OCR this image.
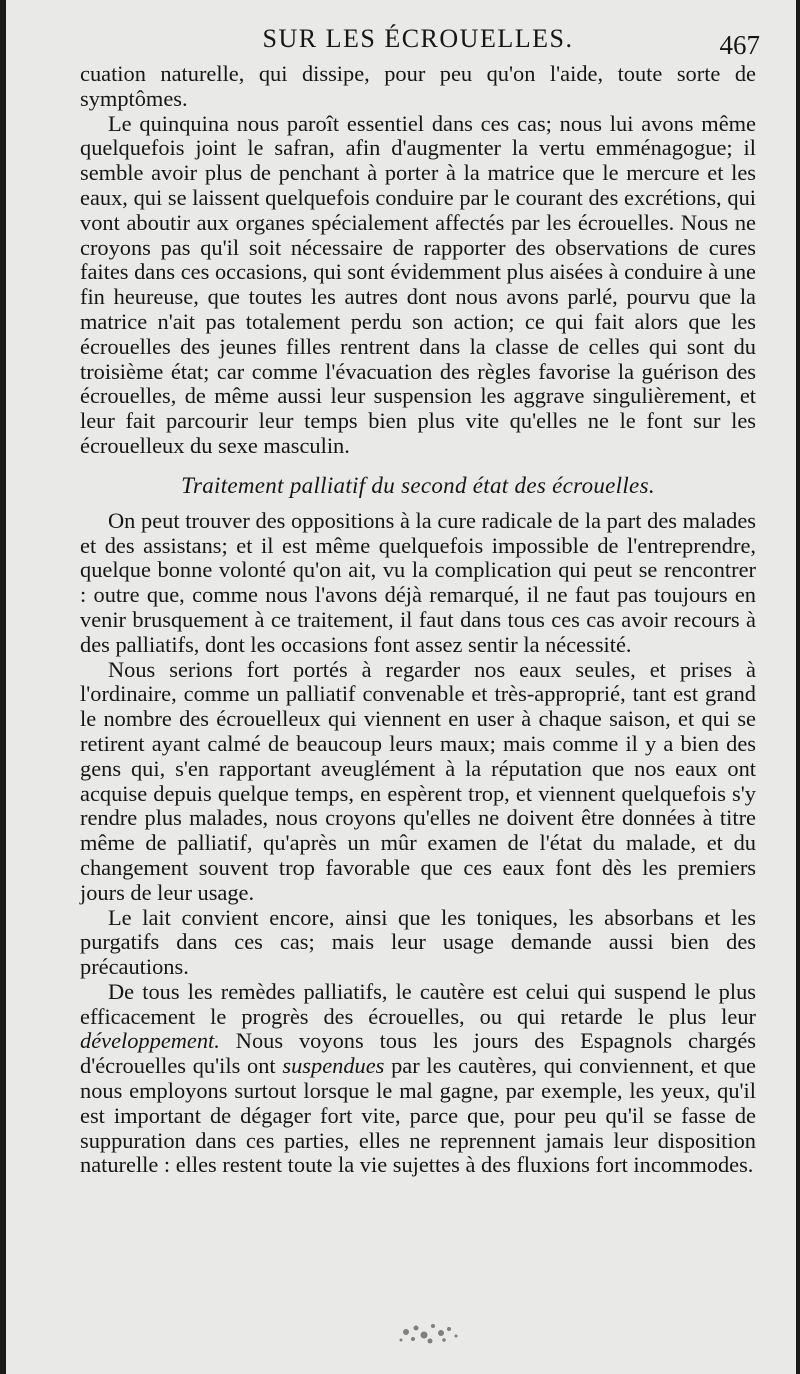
SUR LES ÉCROUELLES.	467

cuation naturelle, qui dissipe, pour peu qu'on l'aide, toute sorte de symptômes.

Le quinquina nous paroît essentiel dans ces cas; nous lui avons même quelquefois joint le safran, afin d'augmenter la vertu emménagogue; il semble avoir plus de penchant à porter à la matrice que le mercure et les eaux, qui se laissent quelquefois conduire par le courant des excrétions, qui vont aboutir aux organes spécialement affectés par les écrouelles. Nous ne croyons pas qu'il soit nécessaire de rapporter des observations de cures faites dans ces occasions, qui sont évidemment plus aisées à conduire à une fin heureuse, que toutes les autres dont nous avons parlé, pourvu que la matrice n'ait pas totalement perdu son action; ce qui fait alors que les écrouelles des jeunes filles rentrent dans la classe de celles qui sont du troisième état; car comme l'évacuation des règles favorise la guérison des écrouelles, de même aussi leur suspension les aggrave singulièrement, et leur fait parcourir leur temps bien plus vite qu'elles ne le font sur les écrouelleux du sexe masculin.

Traitement palliatif du second état des écrouelles.

On peut trouver des oppositions à la cure radicale de la part des malades et des assistans; et il est même quelquefois impossible de l'entreprendre, quelque bonne volonté qu'on ait, vu la complication qui peut se rencontrer : outre que, comme nous l'avons déjà remarqué, il ne faut pas toujours en venir brusquement à ce traitement, il faut dans tous ces cas avoir recours à des palliatifs, dont les occasions font assez sentir la nécessité.

Nous serions fort portés à regarder nos eaux seules, et prises à l'ordinaire, comme un palliatif convenable et très-approprié, tant est grand le nombre des écrouelleux qui viennent en user à chaque saison, et qui se retirent ayant calmé de beaucoup leurs maux; mais comme il y a bien des gens qui, s'en rapportant aveuglément à la réputation que nos eaux ont acquise depuis quelque temps, en espèrent trop, et viennent quelquefois s'y rendre plus malades, nous croyons qu'elles ne doivent être données à titre même de palliatif, qu'après un mûr examen de l'état du malade, et du changement souvent trop favorable que ces eaux font dès les premiers jours de leur usage.

Le lait convient encore, ainsi que les toniques, les absorbans et les purgatifs dans ces cas; mais leur usage demande aussi bien des précautions.

De tous les remèdes palliatifs, le cautère est celui qui suspend le plus efficacement le progrès des écrouelles, ou qui retarde le plus leur développement. Nous voyons tous les jours des Espagnols chargés d'écrouelles qu'ils ont suspendues par les cautères, qui conviennent, et que nous employons surtout lorsque le mal gagne, par exemple, les yeux, qu'il est important de dégager fort vite, parce que, pour peu qu'il se fasse de suppuration dans ces parties, elles ne reprennent jamais leur disposition naturelle : elles restent toute la vie sujettes à des fluxions fort incommodes.
